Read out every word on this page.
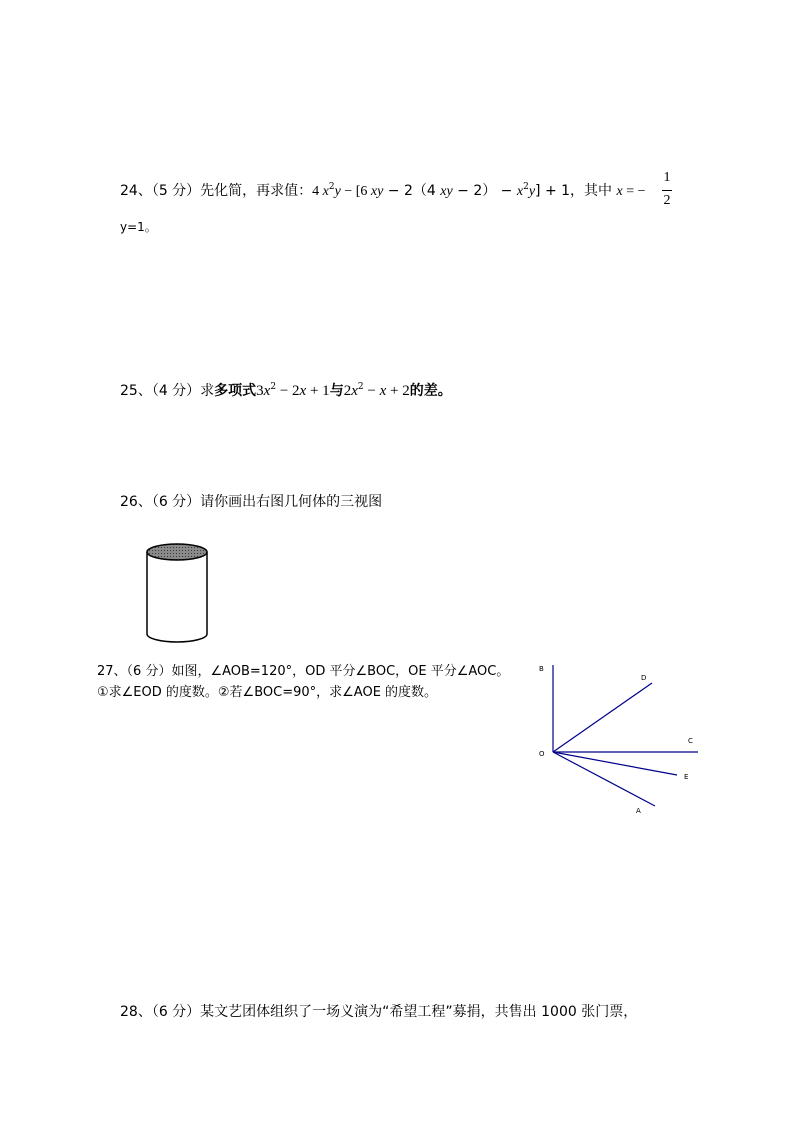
24、（5 分）先化简，再求值：4 $x^2y - [6$ xy − 2（4 xy − $2) - x^2y] + 1$，其中 x = −
1
2
y=1。
25、（4 分）求多项式$3x^2 - 2x + 1$与$2x^2 - x + 2$的差。
26、（6 分）请你画出右图几何体的三视图
27、（6 分）如图，∠AOB=120°，OD 平分∠BOC，OE 平分∠AOC。
①求∠EOD 的度数。②若∠BOC=90°，求∠AOE 的度数。
B
D
C
O
E
A
28、（6 分）某文艺团体组织了一场义演为“希望工程”募捐，共售出 1000 张门票，
